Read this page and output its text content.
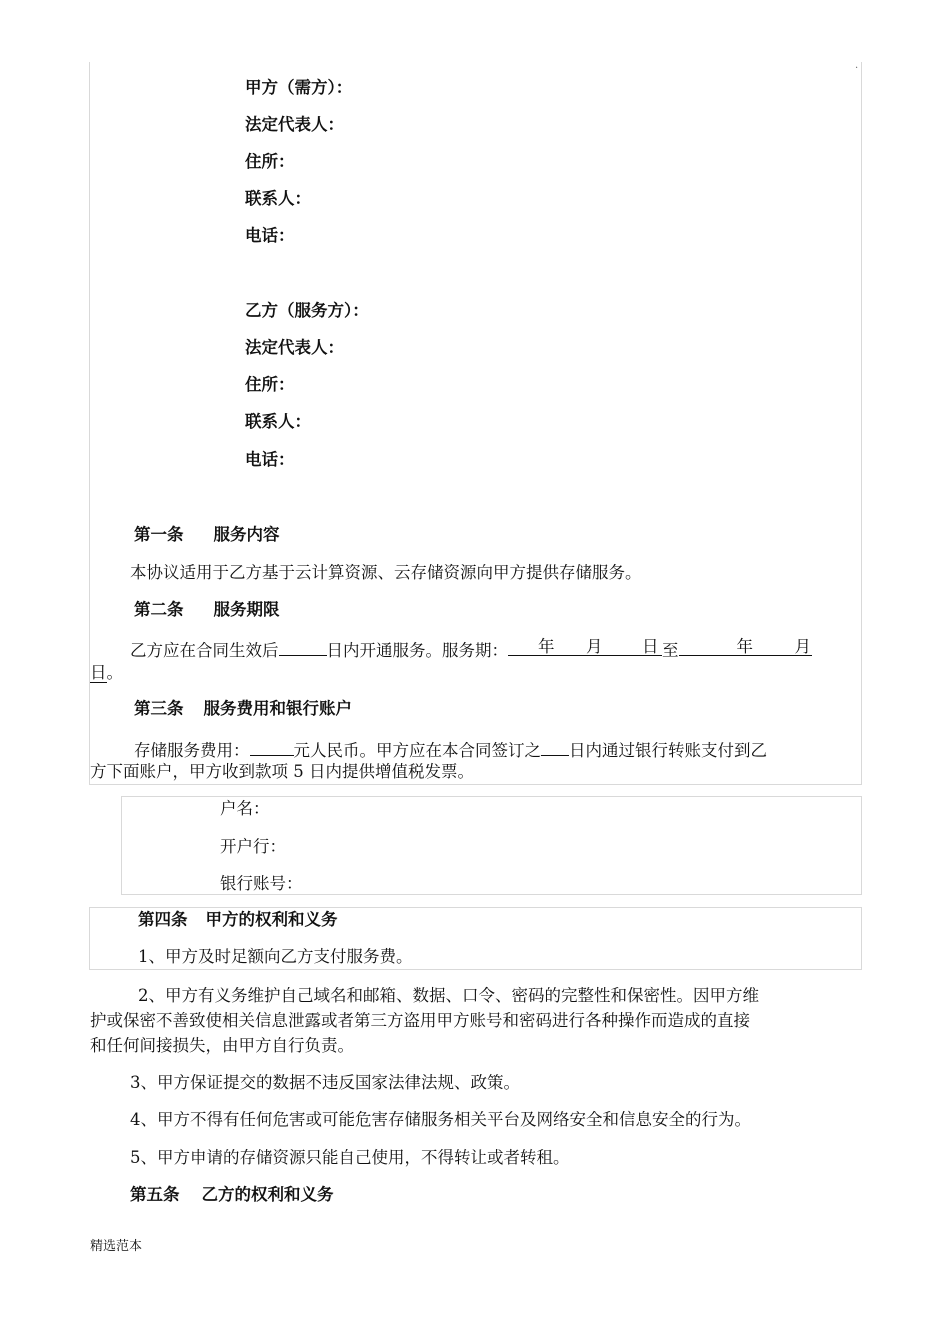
.
甲方（需方）：
法定代表人：
住所：
联系人：
电话：
乙方（服务方）：
法定代表人：
住所：
联系人：
电话：
第一条 服务内容
本协议适用于乙方基于云计算资源、云存储资源向甲方提供存储服务。
第二条 服务期限
乙方应在合同生效后	日内开通服务。服务期： 年 月 日 至	年	月
日。
第三条 服务费用和银行账户
存储服务费用：	元人民币。甲方应在本合同签订之 日内通过银行转账支付到乙
方下面账户，甲方收到款项 5 日内提供增值税发票。
户名：
开户行：
银行账号：
第四条 甲方的权利和义务
1、甲方及时足额向乙方支付服务费。
2、甲方有义务维护自己域名和邮箱、数据、口令、密码的完整性和保密性。因甲方维
护或保密不善致使相关信息泄露或者第三方盗用甲方账号和密码进行各种操作而造成的直接
和任何间接损失，由甲方自行负责。
3、甲方保证提交的数据不违反国家法律法规、政策。
4、甲方不得有任何危害或可能危害存储服务相关平台及网络安全和信息安全的行为。
5、甲方申请的存储资源只能自己使用，不得转让或者转租。
第五条 乙方的权利和义务
精选范本
